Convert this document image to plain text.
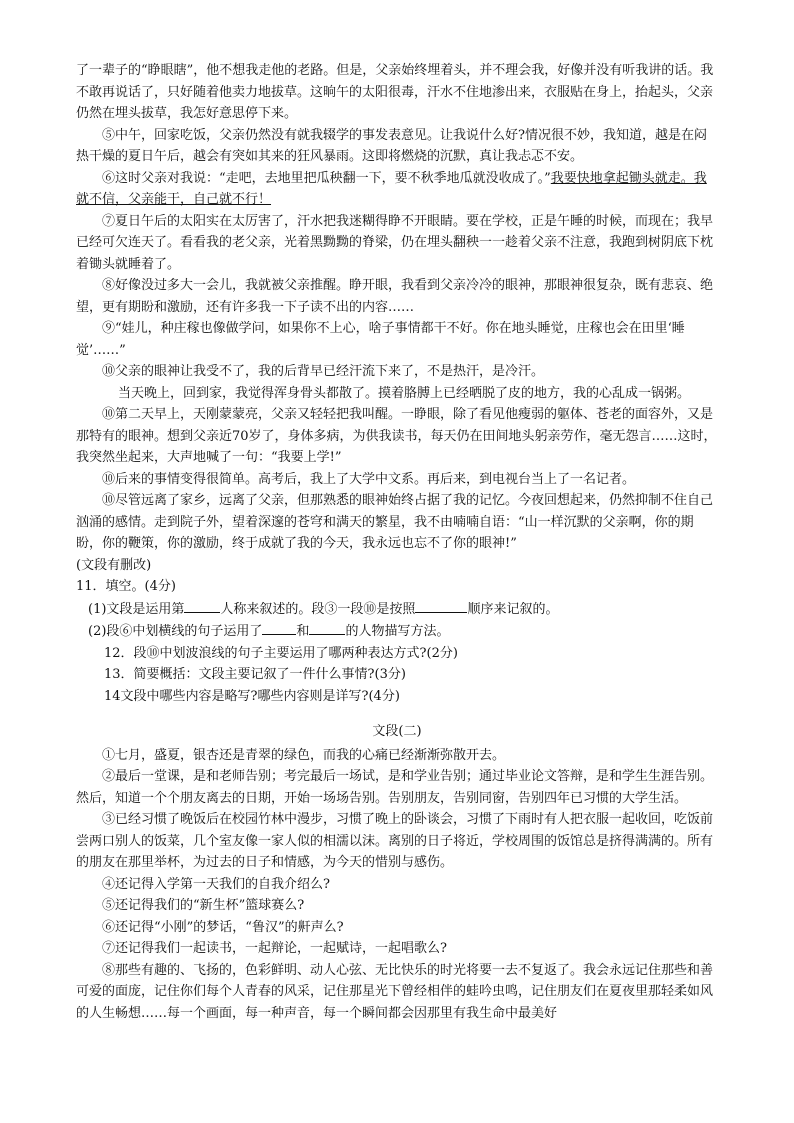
了一辈子的“睁眼瞎”，他不想我走他的老路。但是，父亲始终埋着头，并不理会我，好像并没有听我讲的话。我不敢再说话了，只好随着他卖力地拔草。这晌午的太阳很毒，汗水不住地渗出来，衣服贴在身上，抬起头，父亲仍然在埋头拔草，我怎好意思停下来。

⑤中午，回家吃饭，父亲仍然没有就我辍学的事发表意见。让我说什么好?情况很不妙，我知道，越是在闷热干燥的夏日午后，越会有突如其来的狂风暴雨。这即将燃烧的沉默，真让我忐忑不安。

⑥这时父亲对我说：“走吧，去地里把瓜秧翻一下，要不秋季地瓜就没收成了。”我要快地拿起锄头就走。我就不信，父亲能干，自己就不行！

⑦夏日午后的太阳实在太厉害了，汗水把我迷糊得睁不开眼睛。要在学校，正是午睡的时候，而现在；我早已经可欠连天了。看看我的老父亲，光着黑黝黝的脊梁，仍在埋头翻秧一一趁着父亲不注意，我跑到树阴底下枕着锄头就睡着了。

⑧好像没过多大一会儿，我就被父亲推醒。睁开眼，我看到父亲冷冷的眼神，那眼神很复杂，既有悲哀、绝望，更有期盼和激励，还有许多我一下子读不出的内容……

⑨“娃儿，种庄稼也像做学问，如果你不上心，啥子事情都干不好。你在地头睡觉，庄稼也会在田里‘睡觉’……”

⑩父亲的眼神让我受不了，我的后背早已经汗流下来了，不是热汗，是冷汗。

当天晚上，回到家，我觉得浑身骨头都散了。摸着胳膊上已经晒脱了皮的地方，我的心乱成一锅粥。

⑩第二天早上，天刚蒙蒙亮，父亲又轻轻把我叫醒。一睁眼，除了看见他瘦弱的躯体、苍老的面容外，又是那特有的眼神。想到父亲近70岁了，身体多病，为供我读书，每天仍在田间地头躬亲劳作，毫无怨言……这时，我突然坐起来，大声地喊了一句：“我要上学!”

⑩后来的事情变得很简单。高考后，我上了大学中文系。再后来，到电视台当上了一名记者。

⑩尽管远离了家乡，远离了父亲，但那熟悉的眼神始终占据了我的记忆。今夜回想起来，仍然抑制不住自己汹涌的感情。走到院子外，望着深邃的苍穹和满天的繁星，我不由喃喃自语：“山一样沉默的父亲啊，你的期盼，你的鞭策，你的激励，终于成就了我的今天，我永远也忘不了你的眼神!”

(文段有删改)

11．填空。(4分)

(1)文段是运用第	人称来叙述的。段③一段⑩是按照	顺序来记叙的。

(2)段⑥中划横线的句子运用了	和	的人物描写方法。

12．段⑩中划波浪线的句子主要运用了哪两种表达方式?(2分)

13．简要概括：文段主要记叙了一件什么事情?(3分)

14文段中哪些内容是略写?哪些内容则是详写?(4分)

文段(二)

①七月，盛夏，银杏还是青翠的绿色，而我的心痛已经渐渐弥散开去。

②最后一堂课，是和老师告别；考完最后一场试，是和学业告别；通过毕业论文答辩，是和学生生涯告别。然后，知道一个个朋友离去的日期，开始一场场告别。告别朋友，告别同窗，告别四年已习惯的大学生活。

③已经习惯了晚饭后在校园竹林中漫步，习惯了晚上的卧谈会，习惯了下雨时有人把衣服一起收回，吃饭前尝两口别人的饭菜，几个室友像一家人似的相濡以沫。离别的日子将近，学校周围的饭馆总是挤得满满的。所有的朋友在那里举杯，为过去的日子和情感，为今天的惜别与感伤。

④还记得入学第一天我们的自我介绍么?

⑤还记得我们的“新生杯”篮球赛么?

⑥还记得“小刚”的梦话，“鲁汉”的鼾声么?

⑦还记得我们一起读书，一起辩论，一起赋诗，一起唱歌么?

⑧那些有趣的、飞扬的，色彩鲜明、动人心弦、无比快乐的时光将要一去不复返了。我会永远记住那些和善可爱的面庞，记住你们每个人青春的风采，记住那星光下曾经相伴的蛙吟虫鸣，记住朋友们在夏夜里那轻柔如风的人生畅想……每一个画面，每一种声音，每一个瞬间都会因那里有我生命中最美好
